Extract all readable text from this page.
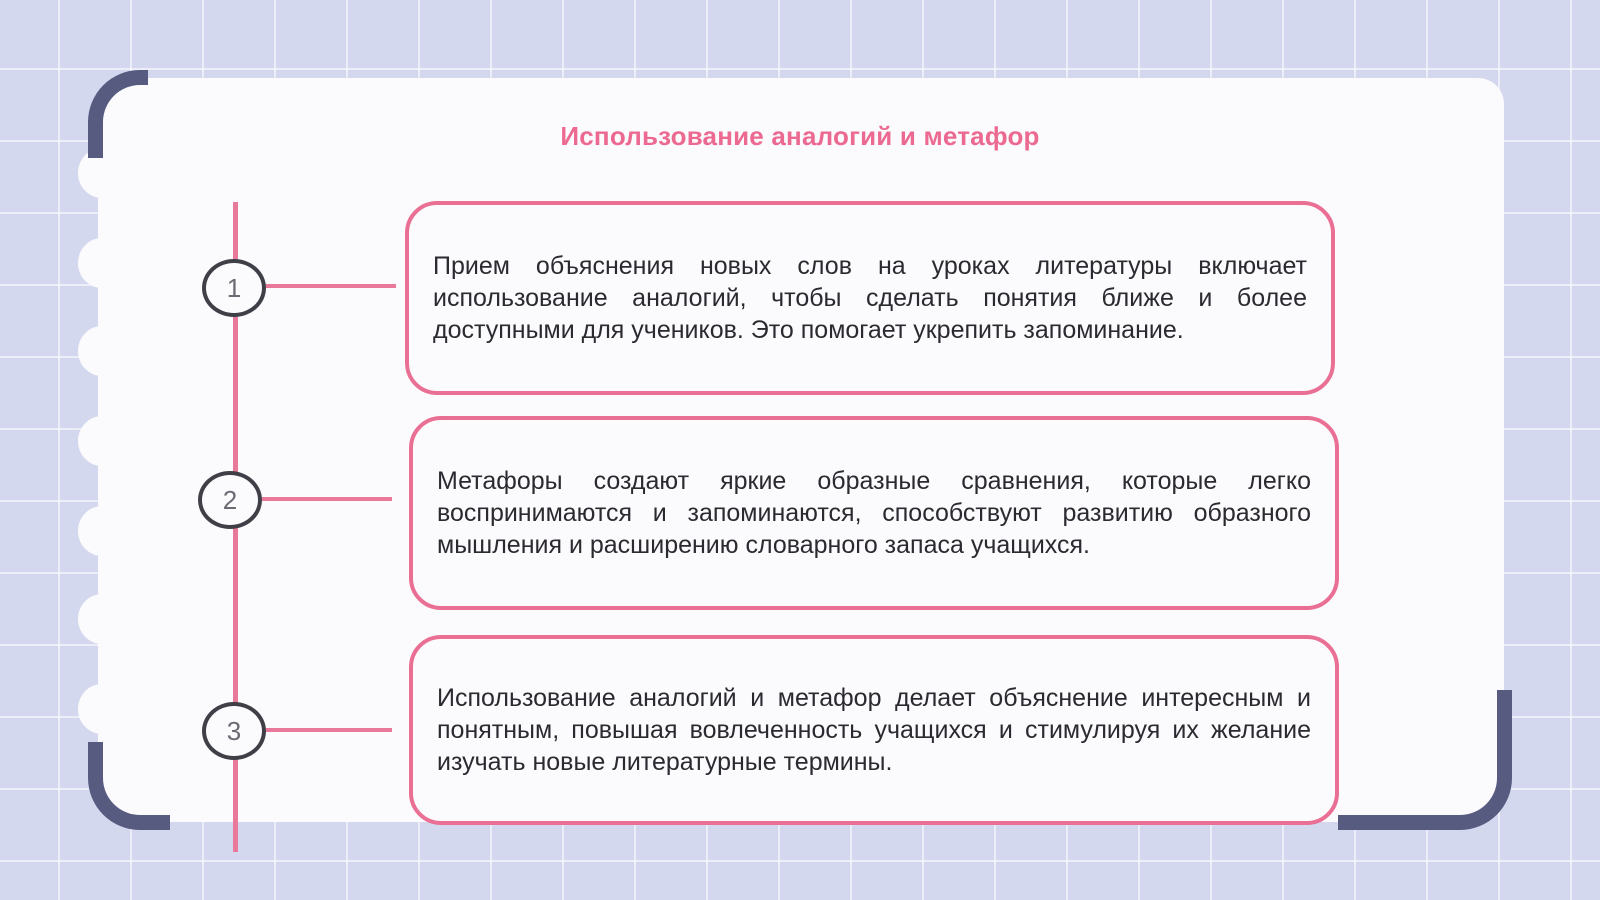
Использование аналогий и метафор
1
2
3

Прием объяснения новых слов на уроках литературы включает использование аналогий, чтобы сделать понятия ближе и более доступными для учеников. Это помогает укрепить запоминание.

Метафоры создают яркие образные сравнения, которые легко воспринимаются и запоминаются, способствуют развитию образного мышления и расширению словарного запаса учащихся.

Использование аналогий и метафор делает объяснение интересным и понятным, повышая вовлеченность учащихся и стимулируя их желание изучать новые литературные термины.
